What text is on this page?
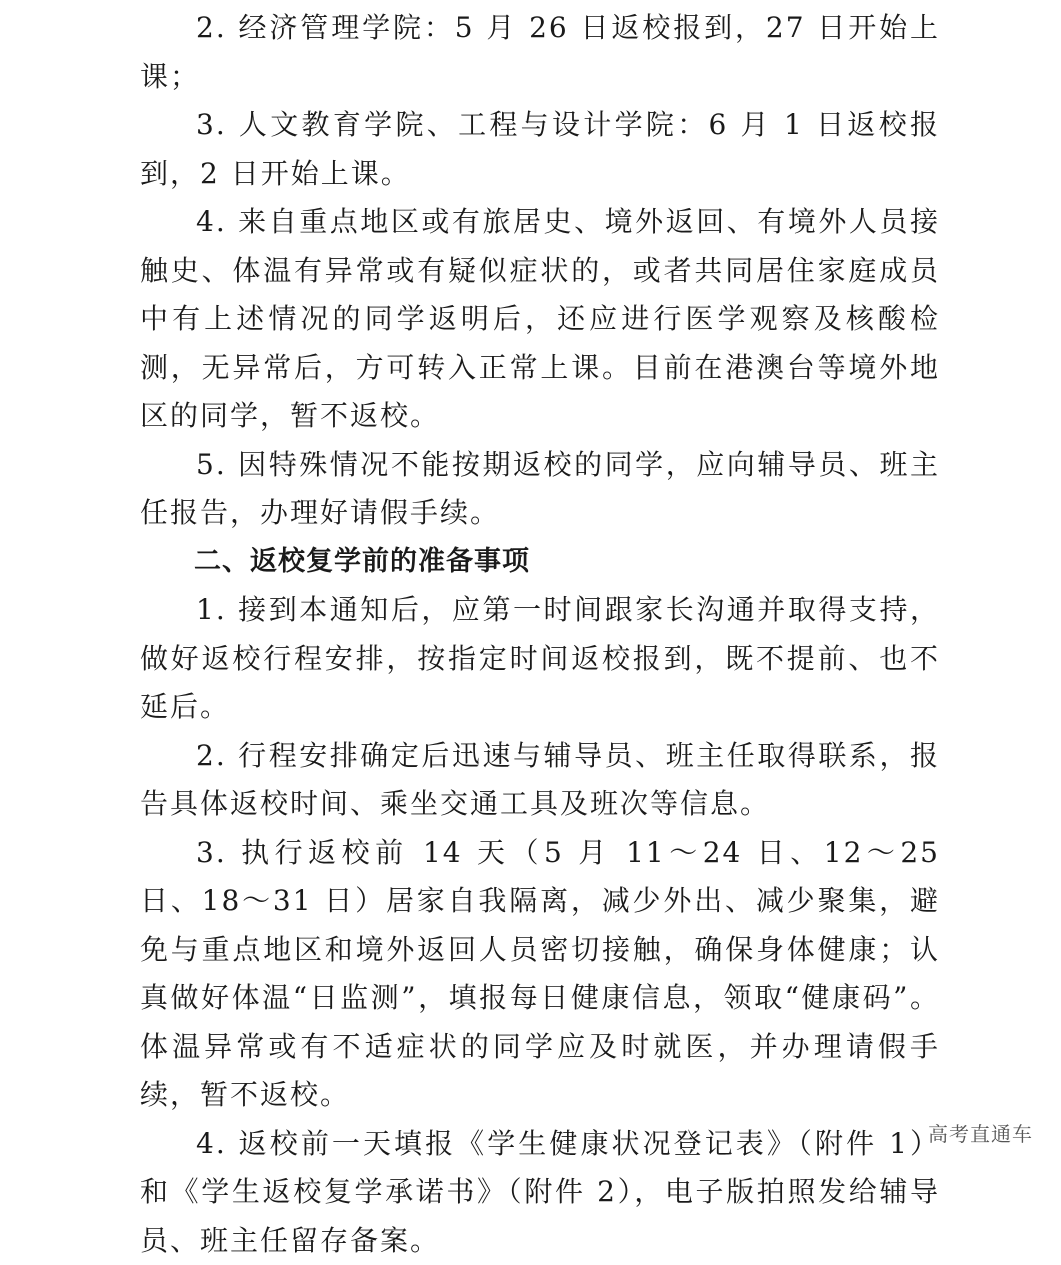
2. 经济管理学院：5 月 26 日返校报到，27 日开始上课；

3. 人文教育学院、工程与设计学院：6 月 1 日返校报到，2 日开始上课。

4. 来自重点地区或有旅居史、境外返回、有境外人员接触史、体温有异常或有疑似症状的，或者共同居住家庭成员中有上述情况的同学返明后，还应进行医学观察及核酸检测，无异常后，方可转入正常上课。目前在港澳台等境外地区的同学，暂不返校。

5. 因特殊情况不能按期返校的同学，应向辅导员、班主任报告，办理好请假手续。

二、返校复学前的准备事项

1. 接到本通知后，应第一时间跟家长沟通并取得支持，做好返校行程安排，按指定时间返校报到，既不提前、也不延后。

2. 行程安排确定后迅速与辅导员、班主任取得联系，报告具体返校时间、乘坐交通工具及班次等信息。

3. 执行返校前 14 天（5 月 11～24 日、12～25 日、18～31 日）居家自我隔离，减少外出、减少聚集，避免与重点地区和境外返回人员密切接触，确保身体健康；认真做好体温“日监测”，填报每日健康信息，领取“健康码”。体温异常或有不适症状的同学应及时就医，并办理请假手续，暂不返校。

4. 返校前一天填报《学生健康状况登记表》（附件 1）和《学生返校复学承诺书》（附件 2），电子版拍照发给辅导员、班主任留存备案。

高考直通车
